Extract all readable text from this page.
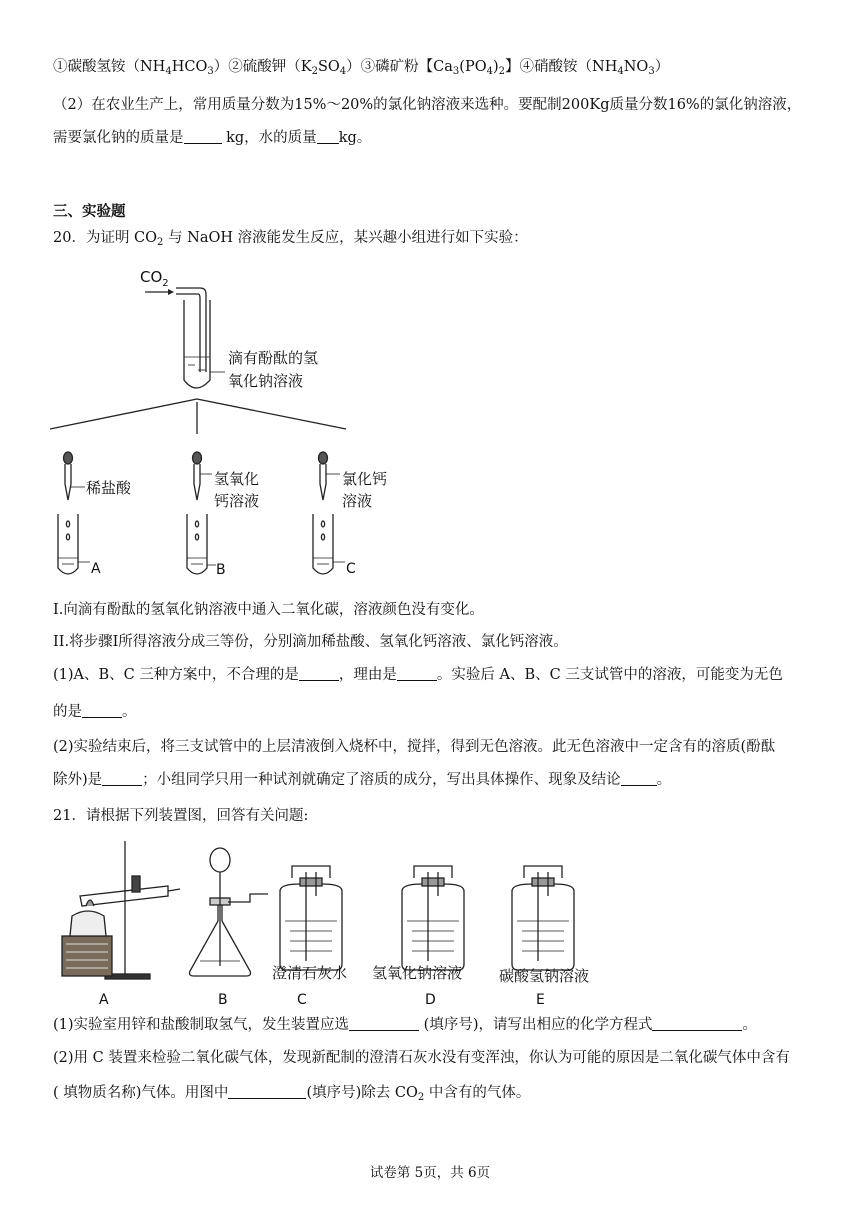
①碳酸氢铵$(NH_4HCO_3)②$硫酸钾$(K_2SO_4)③$磷矿粉【$Ca_3(PO_4)_2$】④硝酸铵$(NH_4NO_3)$
（2）在农业生产上，常用质量分数为15%～20%的氯化钠溶液来选种。要配制200Kg质量分数16%的氯化钠溶液，
需要氯化钠的质量是	kg，水的质量 kg。
三、实验题
20．为证明 $CO_2$ 与 NaOH 溶液能发生反应，某兴趣小组进行如下实验：
$CO_2$
滴有酚酞的氢
氧化钠溶液
稀盐酸	氢氧化
钙溶液
氯化钙
溶液
A	B	C
I.向滴有酚酞的氢氧化钠溶液中通入二氧化碳，溶液颜色没有变化。
II.将步骤I所得溶液分成三等份，分别滴加稀盐酸、氢氧化钙溶液、氯化钙溶液。
(1)A、B、C 三种方案中，不合理的是	，理由是	。实验后 A、B、C 三支试管中的溶液，可能变为无色
的是	。
(2)实验结束后，将三支试管中的上层清液倒入烧杯中，搅拌，得到无色溶液。此无色溶液中一定含有的溶质(酚酞
除外)是	；小组同学只用一种试剂就确定了溶质的成分，写出具体操作、现象及结论 。
21．请根据下列装置图，回答有关问题:
澄清石灰水 氢氧化钠溶液 碳酸氢钠溶液
A	B	C	D	E
(1)实验室用锌和盐酸制取氢气，发生装置应选	(填序号)，请写出相应的化学方程式	。
(2)用 C 装置来检验二氧化碳气体，发现新配制的澄清石灰水没有变浑浊，你认为可能的原因是二氧化碳气体中含有
( 填物质名称)气体。用图中	(填序号)除去 $CO_2$ 中含有的气体。
试卷第 5页，共 6页
